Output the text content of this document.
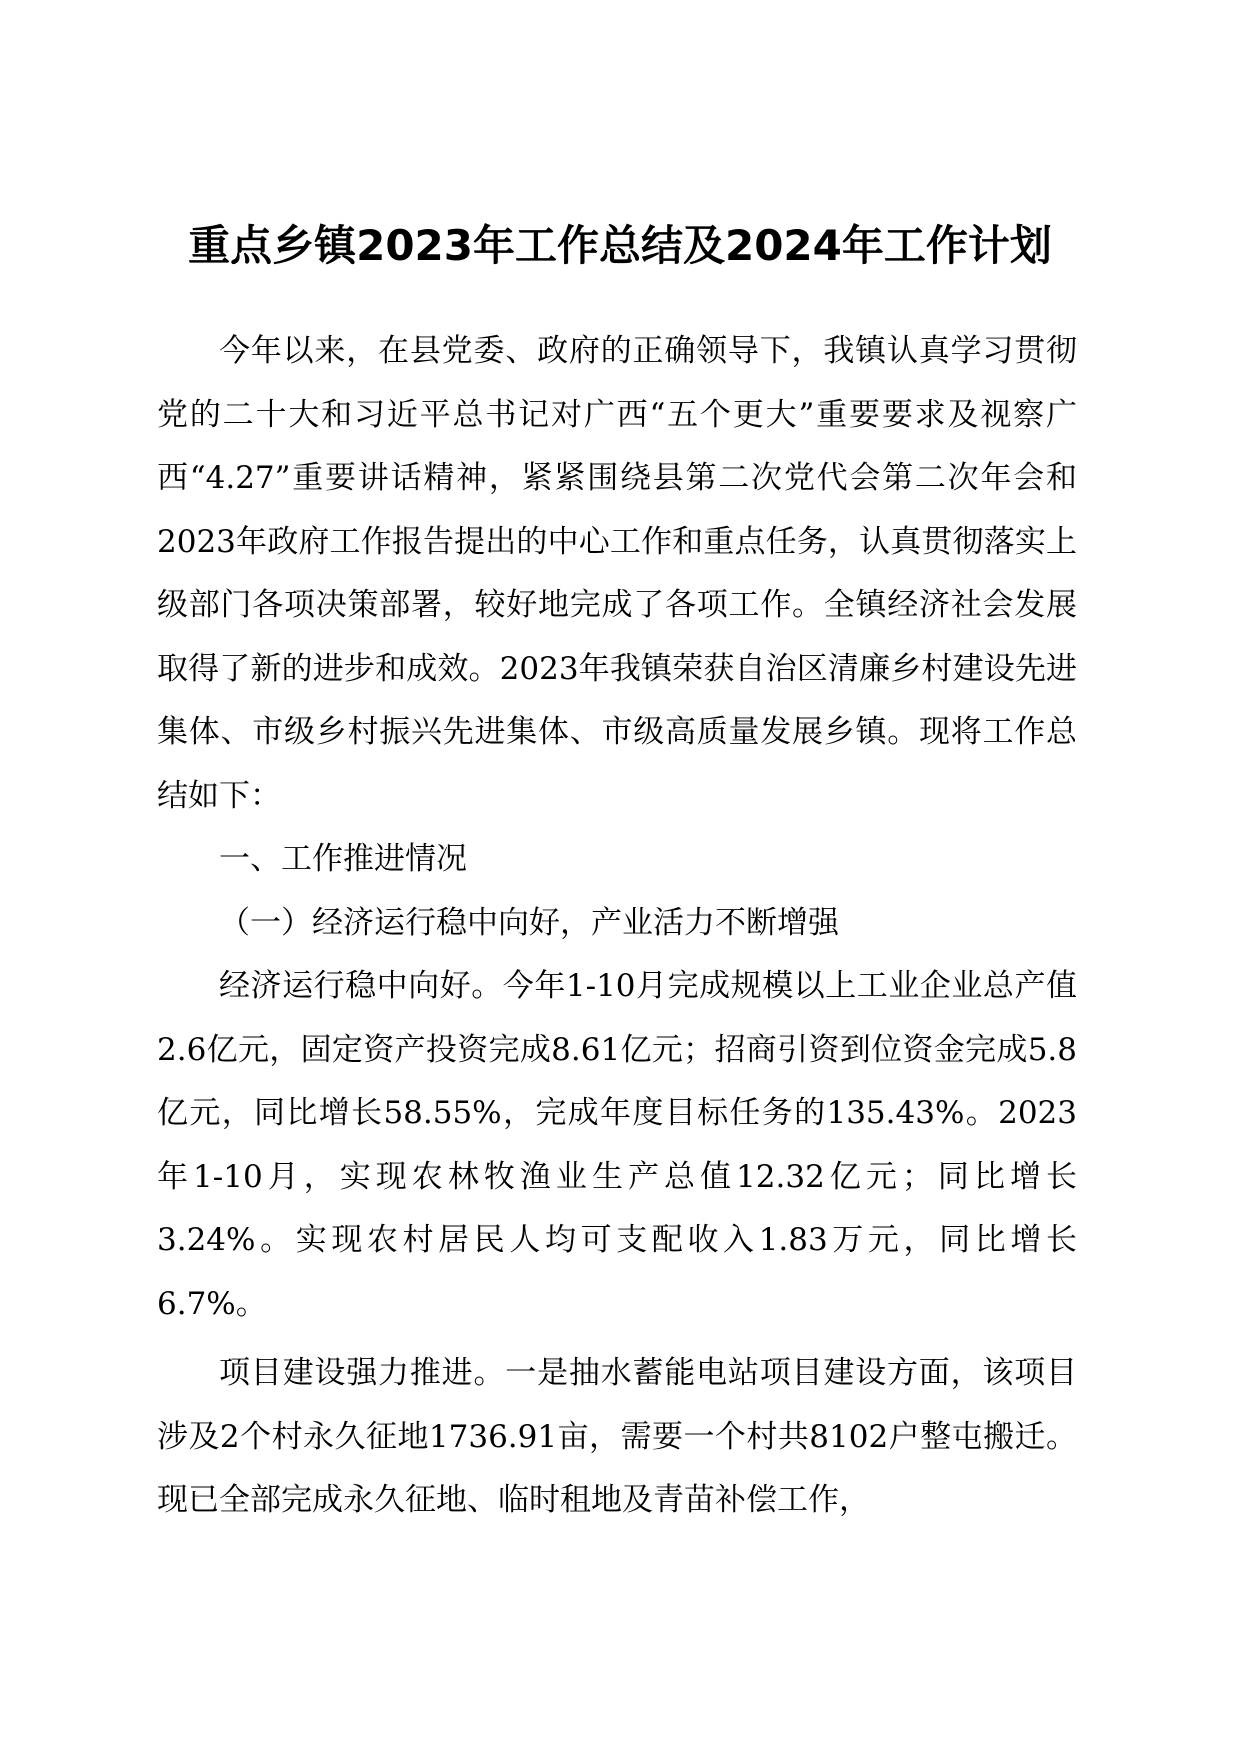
重点乡镇2023年工作总结及2024年工作计划

今年以来，在县党委、政府的正确领导下，我镇认真学习贯彻党的二十大和习近平总书记对广西“五个更大”重要要求及视察广西“4.27”重要讲话精神，紧紧围绕县第二次党代会第二次年会和2023年政府工作报告提出的中心工作和重点任务，认真贯彻落实上级部门各项决策部署，较好地完成了各项工作。全镇经济社会发展取得了新的进步和成效。2023年我镇荣获自治区清廉乡村建设先进集体、市级乡村振兴先进集体、市级高质量发展乡镇。现将工作总结如下：

一、工作推进情况

（一）经济运行稳中向好，产业活力不断增强

经济运行稳中向好。今年1-10月完成规模以上工业企业总产值2.6亿元，固定资产投资完成8.61亿元；招商引资到位资金完成5.8亿元，同比增长58.55%，完成年度目标任务的135.43%。2023年1-10月，实现农林牧渔业生产总值12.32亿元；同比增长3.24%。实现农村居民人均可支配收入1.83万元，同比增长6.7%。

项目建设强力推进。一是抽水蓄能电站项目建设方面，该项目涉及2个村永久征地1736.91亩，需要一个村共8102户整屯搬迁。现已全部完成永久征地、临时租地及青苗补偿工作，
